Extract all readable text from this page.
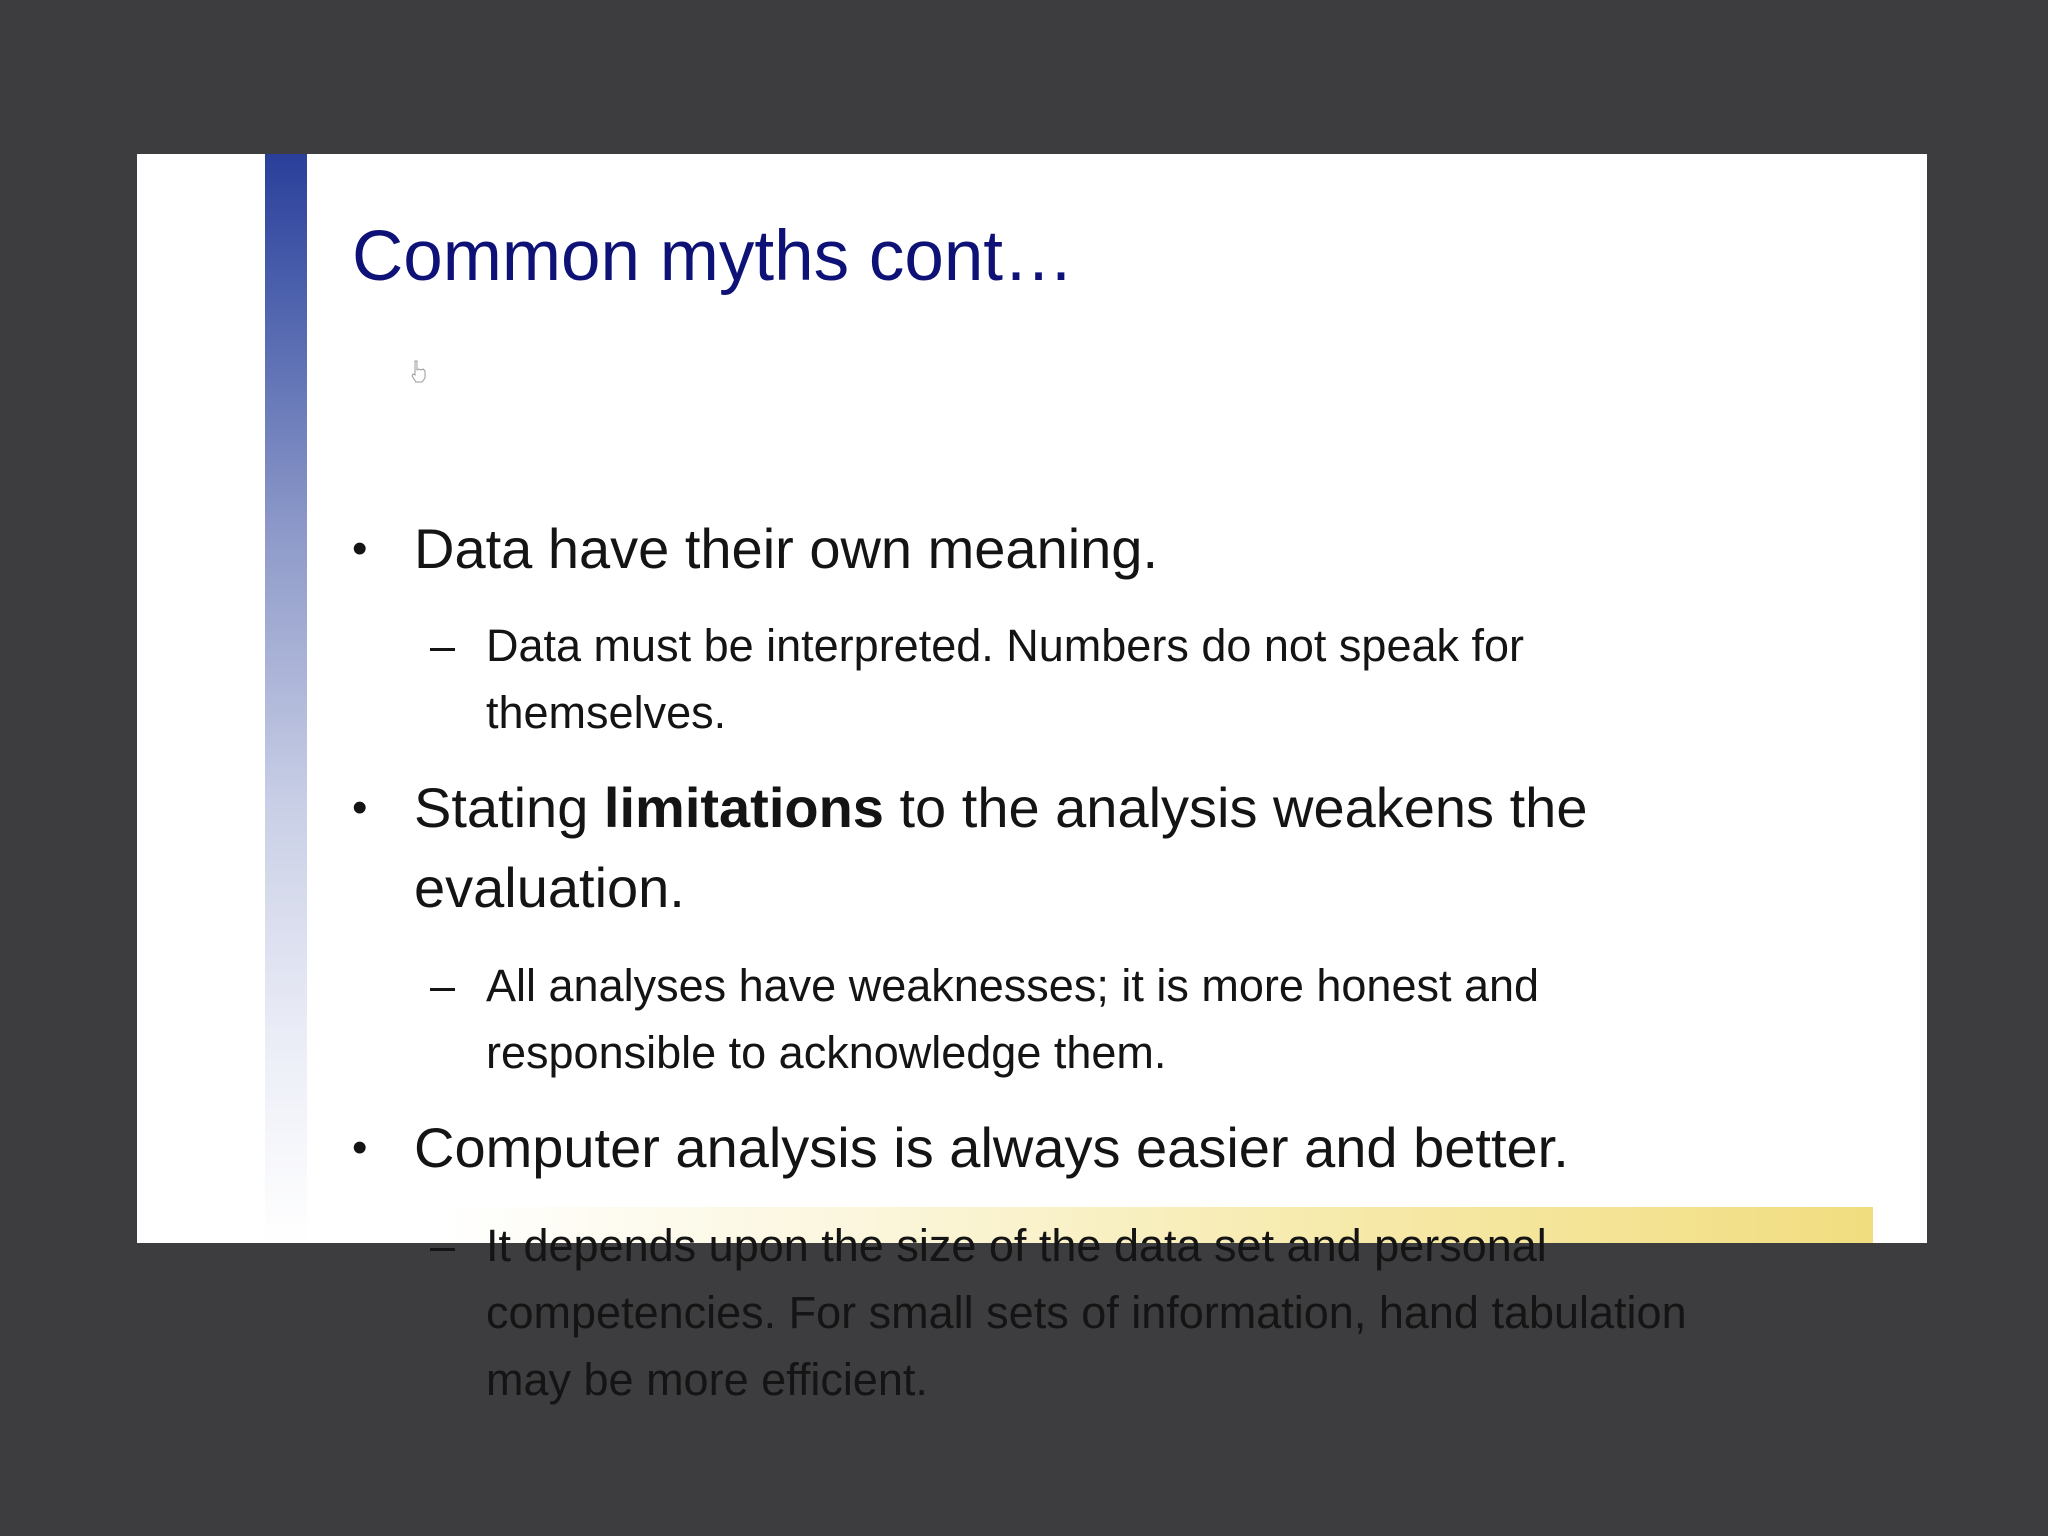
Common myths cont…
• Data have their own meaning.
– Data must be interpreted. Numbers do not speak for themselves.
• Stating limitations to the analysis weakens the evaluation.
– All analyses have weaknesses; it is more honest and responsible to acknowledge them.
• Computer analysis is always easier and better.
– It depends upon the size of the data set and personal competencies. For small sets of information, hand tabulation may be more efficient.
